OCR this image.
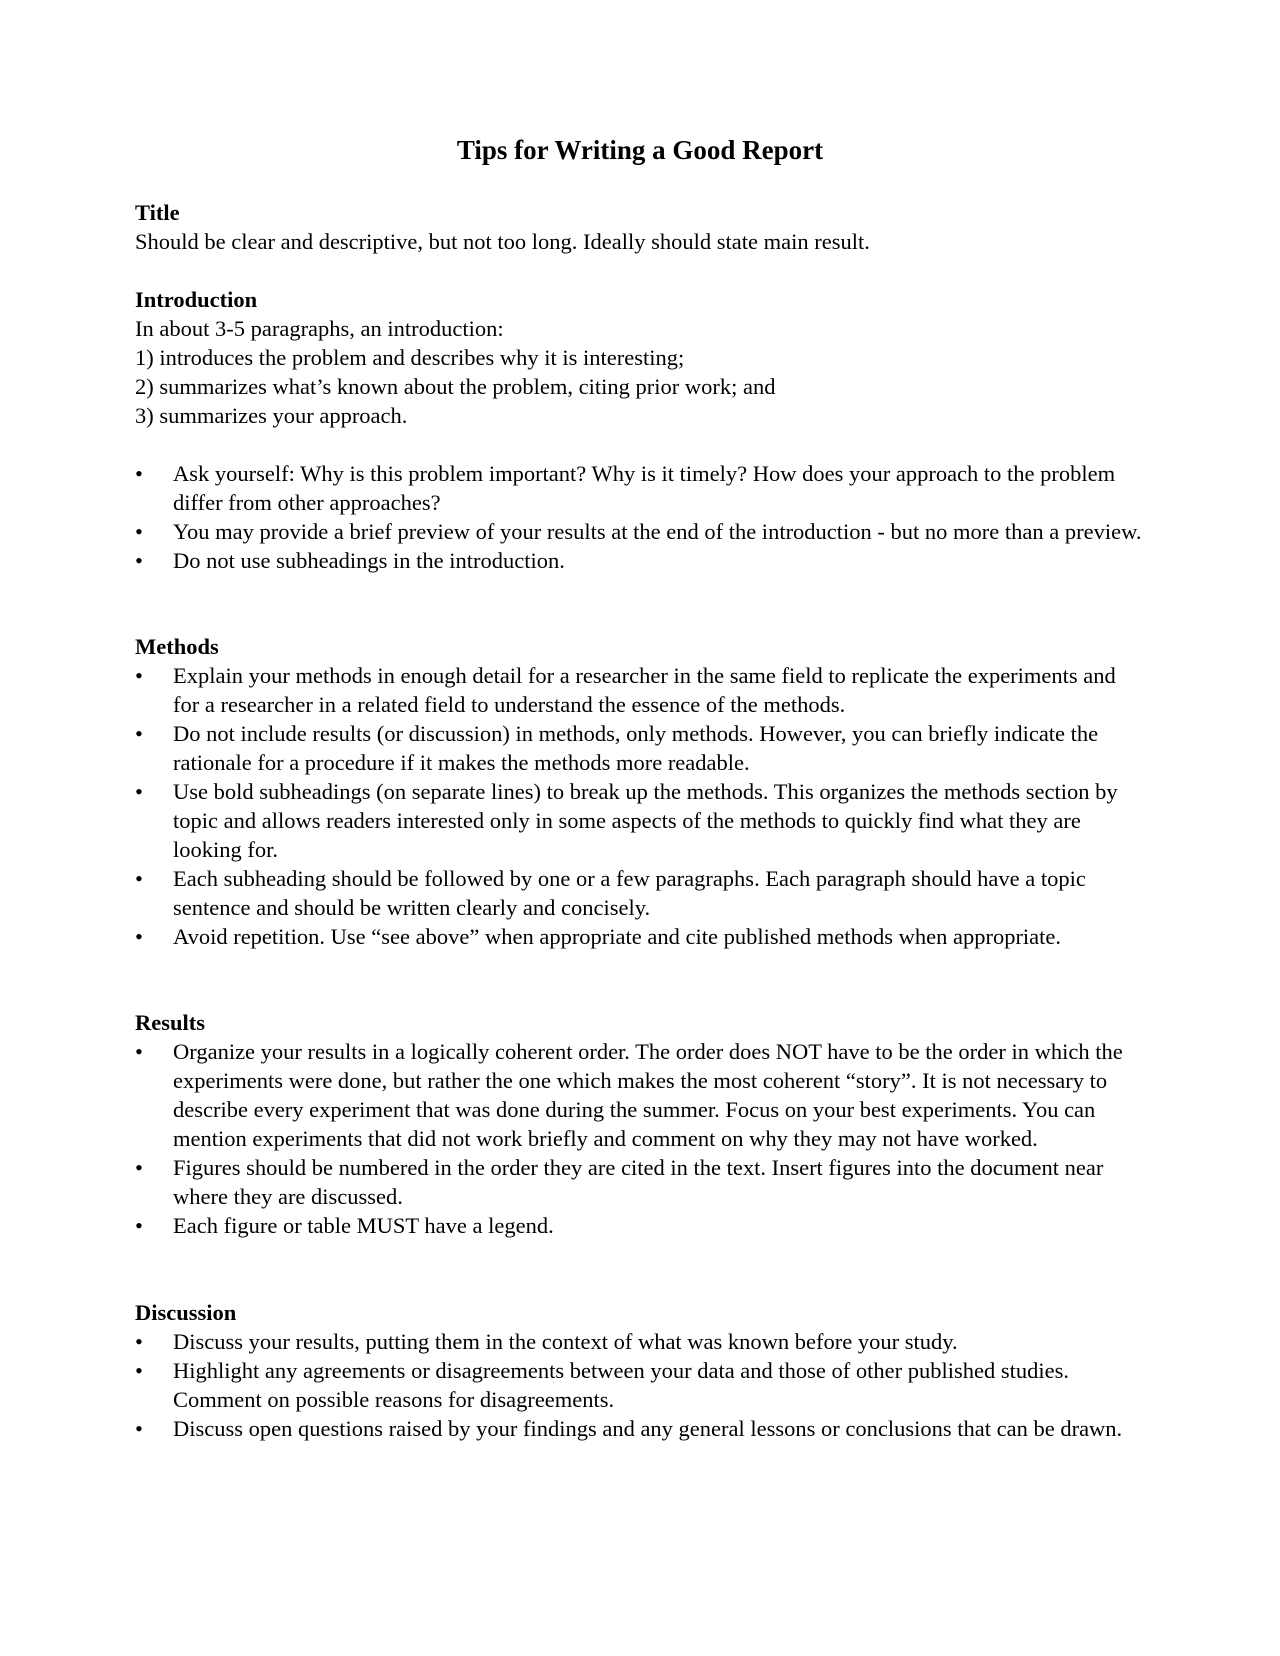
Tips for Writing a Good Report

Title

Should be clear and descriptive, but not too long. Ideally should state main result.

Introduction

In about 3-5 paragraphs, an introduction:

1) introduces the problem and describes why it is interesting;

2) summarizes what’s known about the problem, citing prior work; and

3) summarizes your approach.

•	Ask yourself: Why is this problem important? Why is it timely? How does your approach to the problem differ from other approaches?
•	You may provide a brief preview of your results at the end of the introduction - but no more than a preview.
•	Do not use subheadings in the introduction.

Methods

•	Explain your methods in enough detail for a researcher in the same field to replicate the experiments and for a researcher in a related field to understand the essence of the methods.
•	Do not include results (or discussion) in methods, only methods. However, you can briefly indicate the rationale for a procedure if it makes the methods more readable.
•	Use bold subheadings (on separate lines) to break up the methods. This organizes the methods section by topic and allows readers interested only in some aspects of the methods to quickly find what they are looking for.
•	Each subheading should be followed by one or a few paragraphs. Each paragraph should have a topic sentence and should be written clearly and concisely.
•	Avoid repetition. Use “see above” when appropriate and cite published methods when appropriate.

Results

•	Organize your results in a logically coherent order. The order does NOT have to be the order in which the experiments were done, but rather the one which makes the most coherent “story”. It is not necessary to describe every experiment that was done during the summer. Focus on your best experiments. You can mention experiments that did not work briefly and comment on why they may not have worked.
•	Figures should be numbered in the order they are cited in the text. Insert figures into the document near where they are discussed.
•	Each figure or table MUST have a legend.

Discussion

•	Discuss your results, putting them in the context of what was known before your study.
•	Highlight any agreements or disagreements between your data and those of other published studies. Comment on possible reasons for disagreements.
•	Discuss open questions raised by your findings and any general lessons or conclusions that can be drawn.
